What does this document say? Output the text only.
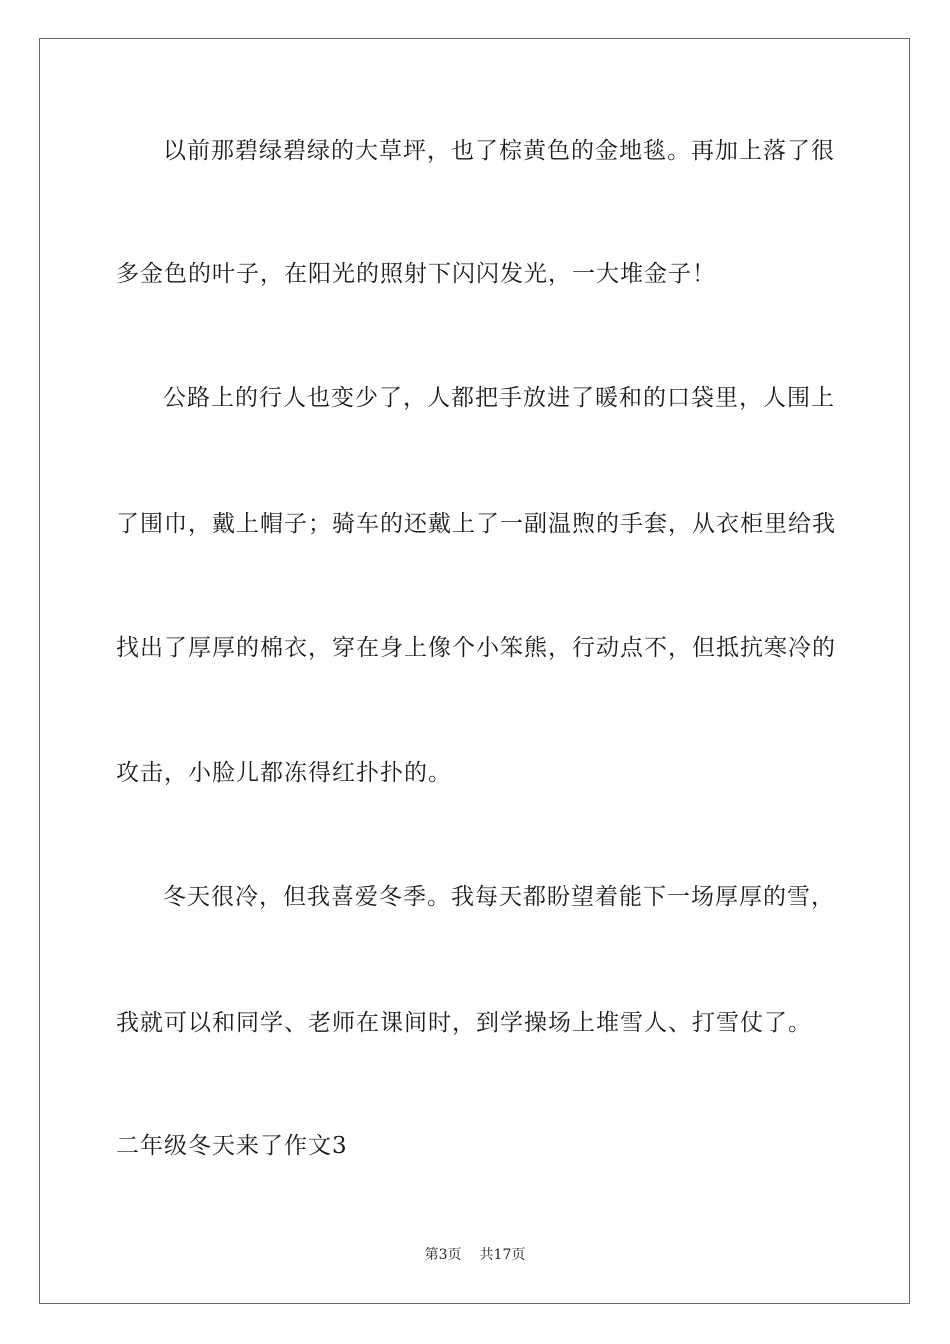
以前那碧绿碧绿的大草坪，也了棕黄色的金地毯。再加上落了很
多金色的叶子，在阳光的照射下闪闪发光，一大堆金子！
公路上的行人也变少了，人都把手放进了暖和的口袋里，人围上
了围巾，戴上帽子；骑车的还戴上了一副温煦的手套，从衣柜里给我
找出了厚厚的棉衣，穿在身上像个小笨熊，行动点不，但抵抗寒冷的
攻击，小脸儿都冻得红扑扑的。
冬天很冷，但我喜爱冬季。我每天都盼望着能下一场厚厚的雪，
我就可以和同学、老师在课间时，到学操场上堆雪人、打雪仗了。
二年级冬天来了作文3
第3页 共17页
